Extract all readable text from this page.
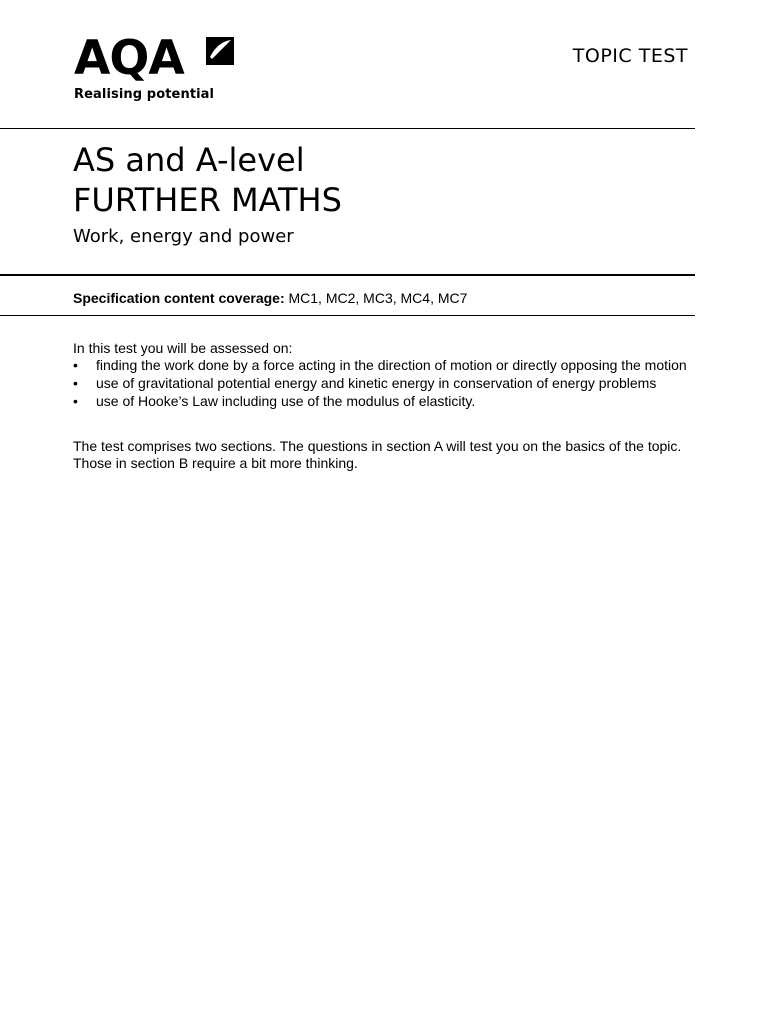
AQA
Realising potential
TOPIC TEST
AS and A-level
FURTHER MATHS
Work, energy and power
Specification content coverage: MC1, MC2, MC3, MC4, MC7
In this test you will be assessed on:
• finding the work done by a force acting in the direction of motion or directly opposing the motion
• use of gravitational potential energy and kinetic energy in conservation of energy problems
• use of Hooke’s Law including use of the modulus of elasticity.
The test comprises two sections. The questions in section A will test you on the basics of the topic. Those in section B require a bit more thinking.
